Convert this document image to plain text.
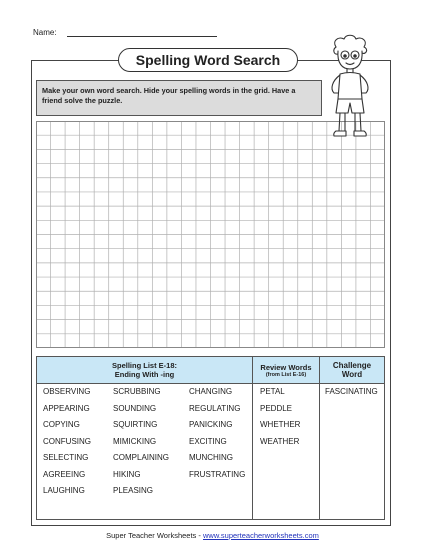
Name:
Spelling Word Search
Make your own word search. Hide your spelling words in the grid. Have a friend solve the puzzle.
Spelling List E-18:
Ending With -ing
Review Words
(from List E-16)
Challenge
Word
OBSERVING
APPEARING
COPYING
CONFUSING
SELECTING
AGREEING
LAUGHING
SCRUBBING
SOUNDING
SQUIRTING
MIMICKING
COMPLAINING
HIKING
PLEASING
CHANGING
REGULATING
PANICKING
EXCITING
MUNCHING
FRUSTRATING
PETAL
PEDDLE
WHETHER
WEATHER
FASCINATING
Super Teacher Worksheets - www.superteacherworksheets.com
